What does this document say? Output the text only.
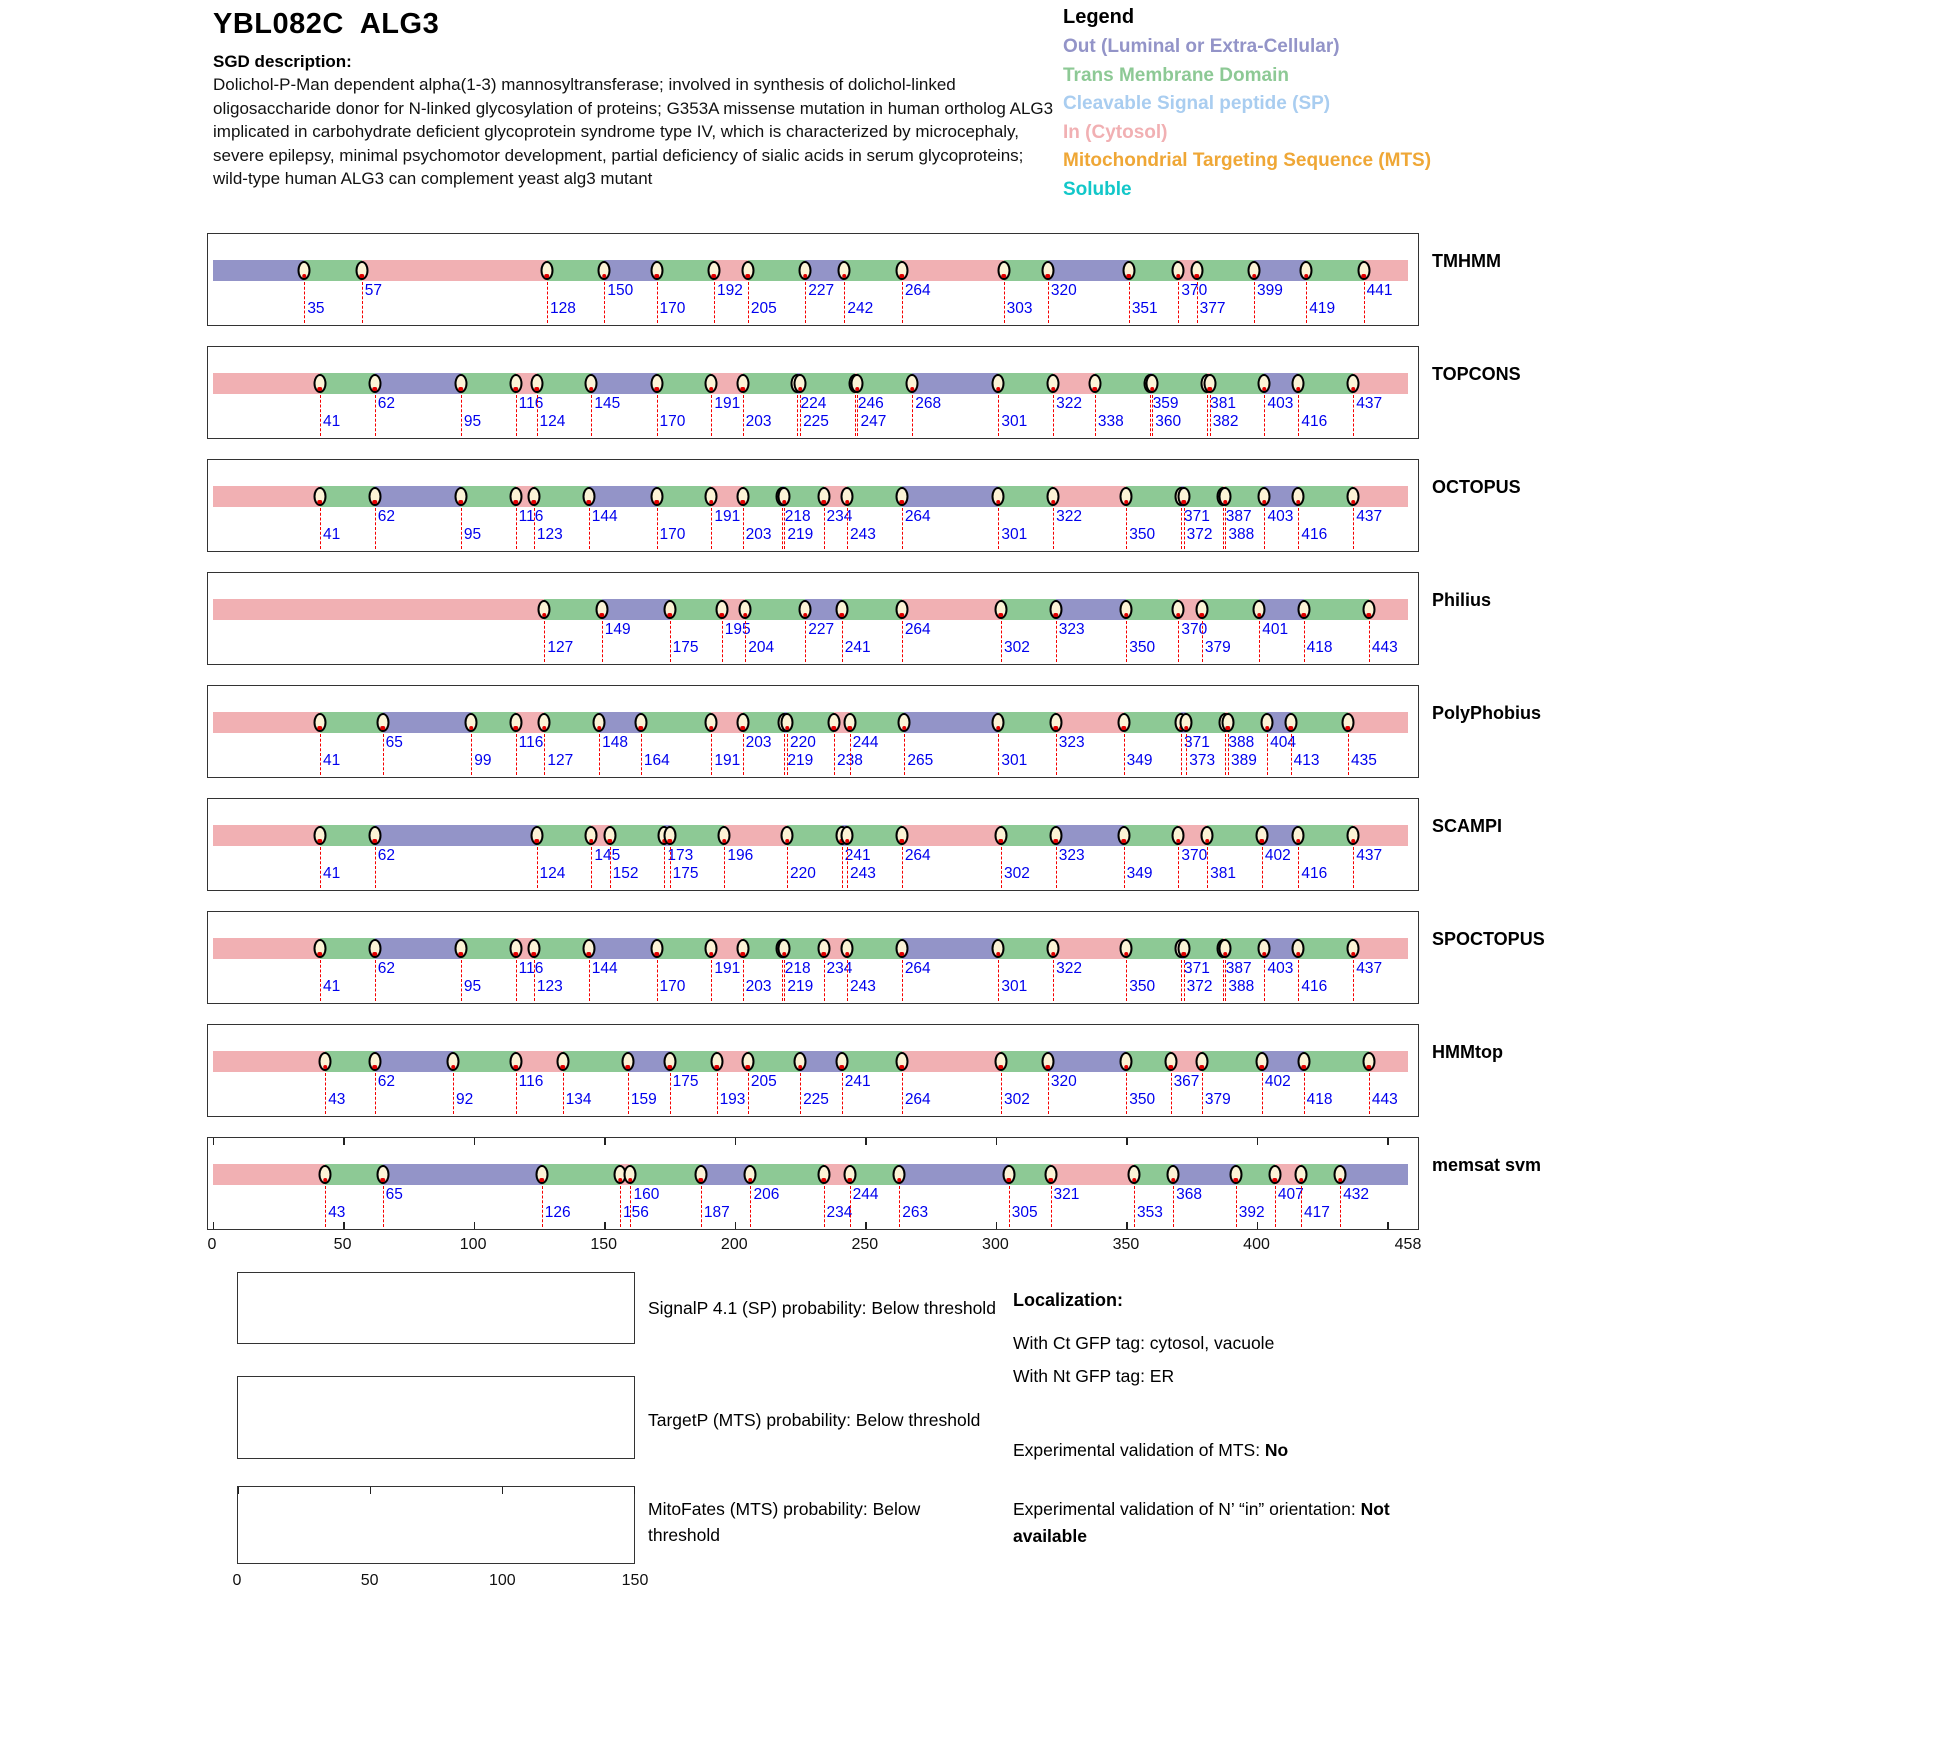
YBL082C  ALG3
SGD description:
Dolichol-P-Man dependent alpha(1-3) mannosyltransferase; involved in synthesis of dolichol-linked oligosaccharide donor for N-linked glycosylation of proteins; G353A missense mutation in human ortholog ALG3 implicated in carbohydrate deficient glycoprotein syndrome type IV, which is characterized by microcephaly, severe epilepsy, minimal psychomotor development, partial deficiency of sialic acids in serum glycoproteins; wild-type human ALG3 can complement yeast alg3 mutant
Legend
Out (Luminal or Extra-Cellular)
Trans Membrane Domain
Cleavable Signal peptide (SP)
In (Cytosol)
Mitochondrial Targeting Sequence (MTS)
Soluble
35
57
128
150
170
192
205
227
242
264
303
320
351
370
377
399
419
441
TMHMM
41
62
95
116
124
145
170
191
203
224
225
246
247
268
301
322
338
359
360
381
382
403
416
437
TOPCONS
41
62
95
116
123
144
170
191
203
218
219
234
243
264
301
322
350
371
372
387
388
403
416
437
OCTOPUS
127
149
175
195
204
227
241
264
302
323
350
370
379
401
418	443
Philius
41
65
99
116
127
148
164	191
203
219
220
238
244
265	301
323
349
371
373
388
389
404
413 435
PolyPhobius
41
62
124
145
152
173
175
196
220
241
243
264
302
323
349
370
381
402
416
437
SCAMPI
41
62
95
116
123
144
170
191
203
218
219
234
243
264
301
322
350
371
372
387
388
403
416
437
SPOCTOPUS
43
62
92
116
134	159
175
193
205
225
241
264	302
320
350
367
379
402
418	443
HMMtop
43
65
126	156
160
187
206
234
244
263	305
321
353
368
392
407
417
432
memsat svm
0	50	100	150	200	250	300	350	400	458
SignalP 4.1 (SP) probability: Below threshold
TargetP (MTS) probability: Below threshold
MitoFates (MTS) probability: Below threshold
0	50	100	150
Localization:
With Ct GFP tag: cytosol, vacuole
With Nt GFP tag: ER
Experimental validation of MTS: No
Experimental validation of N’ “in” orientation: Not available
